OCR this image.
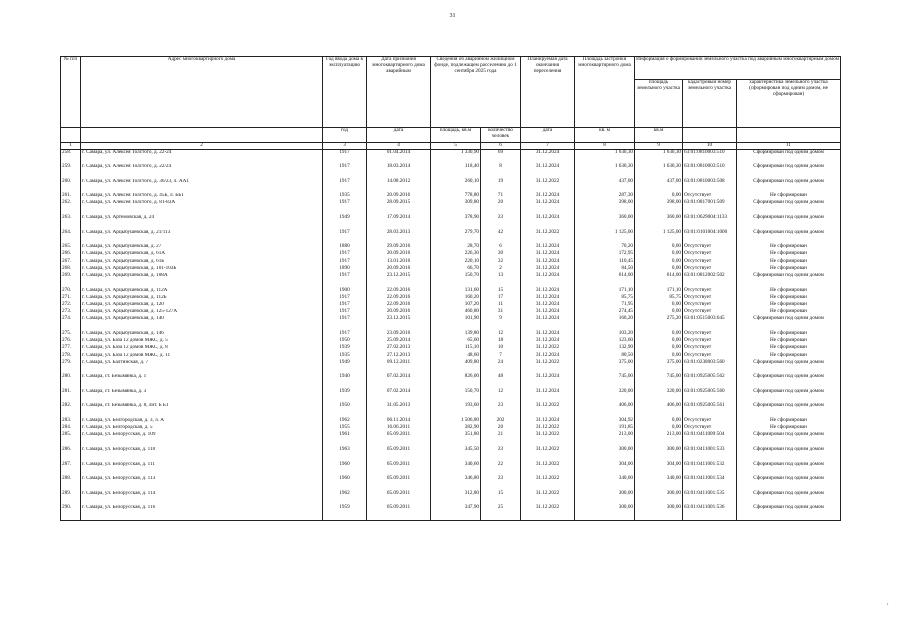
31
№ п/п	Адрес многоквартирного дома	Год ввода дома в эксплуатацию	Дата признания многоквартирного дома аварийным	Сведения об аварийном жилищном фонде, подлежащем расселению до 1 сентября 2025 года		Планируемая дата окончания переселения	Площадь застройки многоквартирного дома	Информация о формировании земельного участка под аварийным многоквартирным домом		
								площадь земельного участка	кадастровый номер земельного участка	характеристика земельного участка (сформирован под одним домом, не сформирован)
		год	дата	площадь, кв.м	количество человек	дата	кв. м	кв.м		
1	2	3	4	5	6	7	8	9	10	11
258.	г. Самара, ул. Алексея Толстого, д. 22-24	1917	01.04.2014	1 330,90	69	31.12.2024	1 630,30	1 630,30	63:01:0810003:510	Сформирован под одним домом
259.	г. Самара, ул. Алексея Толстого, д. 22/24	1917	18.03.2014	118,40	8	31.12.2024	1 630,30	1 630,30	63:01:0810003:510	Сформирован под одним домом
260.	г. Самара, ул. Алексея Толстого, д. 36/23, л. АА1	1917	14.08.2012	260,10	19	31.12.2022	437,00	437,00	63:01:0810003:508	Сформирован под одним домом
261.	г. Самара, ул. Алексея Толстого, д. 45Б, л. ББ1	1935	20.09.2016	778,80	71	31.12.2024	287,30	0,00	Отсутствует	Не сформирован
262.	г. Самара, ул. Алексея Толстого, д. 81-83А	1917	28.09.2015	309,80	20	31.12.2024	398,00	398,00	63:01:0817001:509	Сформирован под одним домом
263.	г. Самара, ул. Артемовская, д. 24	1949	17.09.2014	378,90	23	31.12.2024	360,00	360,00	63:01:0629004:1133	Сформирован под одним домом
264.	г. Самара, ул. Арцыбушевская, д. 21/113	1917	28.03.2013	279,70	42	31.12.2022	1 125,00	1 125,00	63:01:0101004:1000	Сформирован под одним домом
265.	г. Самара, ул. Арцыбушевская, д. 27	1880	29.09.2016	28,70	6	31.12.2024	70,20	0,00	Отсутствует	Не сформирован
266.	г. Самара, ул. Арцыбушевская, д. 61А	1917	20.09.2016	226,30	30	31.12.2024	172,95	0,00	Отсутствует	Не сформирован
267.	г. Самара, ул. Арцыбушевская, д. 61Б	1917	13.01.2016	220,10	32	31.12.2024	110,45	0,00	Отсутствует	Не сформирован
268.	г. Самара, ул. Арцыбушевская, д. 101-103Б	1890	20.09.2016	66,70	2	31.12.2024	84,50	0,00	Отсутствует	Не сформирован
269.	г. Самара, ул. Арцыбушевская, д. 108А	1917	23.12.2015	150,70	13	31.12.2024	614,00	614,00	63:01:0812002:502	Сформирован под одним домом
270.	г. Самара, ул. Арцыбушевская, д. 112А	1900	22.09.2016	131,60	15	31.12.2024	171,10	171,10	Отсутствует	Не сформирован
271.	г. Самара, ул. Арцыбушевская, д. 112Б	1917	22.09.2016	160,20	17	31.12.2024	85,75	85,75	Отсутствует	Не сформирован
272.	г. Самара, ул. Арцыбушевская, д. 120	1917	22.09.2016	107,20	11	31.12.2024	71,95	0,00	Отсутствует	Не сформирован
273.	г. Самара, ул. Арцыбушевская, д. 125-127А	1917	20.09.2016	460,80	31	31.12.2024	274,45	0,00	Отсутствует	Не сформирован
274.	г. Самара, ул. Арцыбушевская, д. 140	1917	23.12.2015	101,90	9	31.12.2024	160,20	275,20	63:01:0515003:645	Сформирован под одним домом
275.	г. Самара, ул. Арцыбушевская, д. 146	1917	23.09.2016	139,80	12	31.12.2024	103,20	0,00	Отсутствует	Не сформирован
276.	г. Самара, ул. База 12 домов МЖС, д. 5	1950	25.09.2014	65,60	18	31.12.2024	123,60	0,00	Отсутствует	Не сформирован
277.	г. Самара, ул. База 12 домов МЖС, д. 8	1939	27.02.2013	115,10	10	31.12.2022	132,90	0,00	Отсутствует	Не сформирован
278.	г. Самара, ул. База 12 домов МЖС, д. 11	1935	27.12.2013	48,60	7	31.12.2024	80,50	0,00	Отсутствует	Не сформирован
279.	г. Самара, ул. Балтийская, д. 7	1949	09.12.2011	409,80	24	31.12.2022	375,00	375,00	63:01:0238003:560	Сформирован под одним домом
280.	г. Самара, ст. Безымянка, д. 1	1940	07.02.2014	826,00	48	31.12.2024	745,00	745,00	63:01:0925005:562	Сформирован под одним домом
281.	г. Самара, ст. Безымянка, д. 3	1939	07.02.2014	150,70	12	31.12.2024	320,00	320,00	63:01:0925005:560	Сформирован под одним домом
282.	г. Самара, ст. Безымянка, д. 8, лит. Б Б1	1950	31.05.2013	193,60	23	31.12.2022	406,00	406,00	63:01:0925005:561	Сформирован под одним домом
283.	г. Самара, ул. Белгородская, д. 3, л. А	1962	06.11.2014	1 506,80	202	31.12.2024	304,92	0,00	Отсутствует	Не сформирован
284.	г. Самара, ул. Белгородская, д. 5	1955	16.06.2011	382,90	20	31.12.2022	191,85	0,00	Отсутствует	Не сформирован
285.	г. Самара, ул. Белорусская, д. 109	1961	05.09.2011	351,80	21	31.12.2022	213,00	213,00	63:01:0411009:504	Сформирован под одним домом
286.	г. Самара, ул. Белорусская, д. 110	1963	05.09.2011	345,50	23	31.12.2022	300,00	300,00	63:01:0411001:533	Сформирован под одним домом
287.	г. Самара, ул. Белорусская, д. 111	1960	05.09.2011	340,60	22	31.12.2022	304,00	304,00	63:01:0411001:532	Сформирован под одним домом
288.	г. Самара, ул. Белорусская, д. 113	1960	05.09.2011	346,80	23	31.12.2022	340,00	340,00	63:01:0411001:534	Сформирован под одним домом
289.	г. Самара, ул. Белорусская, д. 114	1962	05.09.2011	312,80	15	31.12.2022	300,00	300,00	63:01:0411001:535	Сформирован под одним домом
290.	г. Самара, ул. Белорусская, д. 116	1959	05.09.2011	347,90	25	31.12.2022	300,00	300,00	63:01:0411001:536	Сформирован под одним домом
,
